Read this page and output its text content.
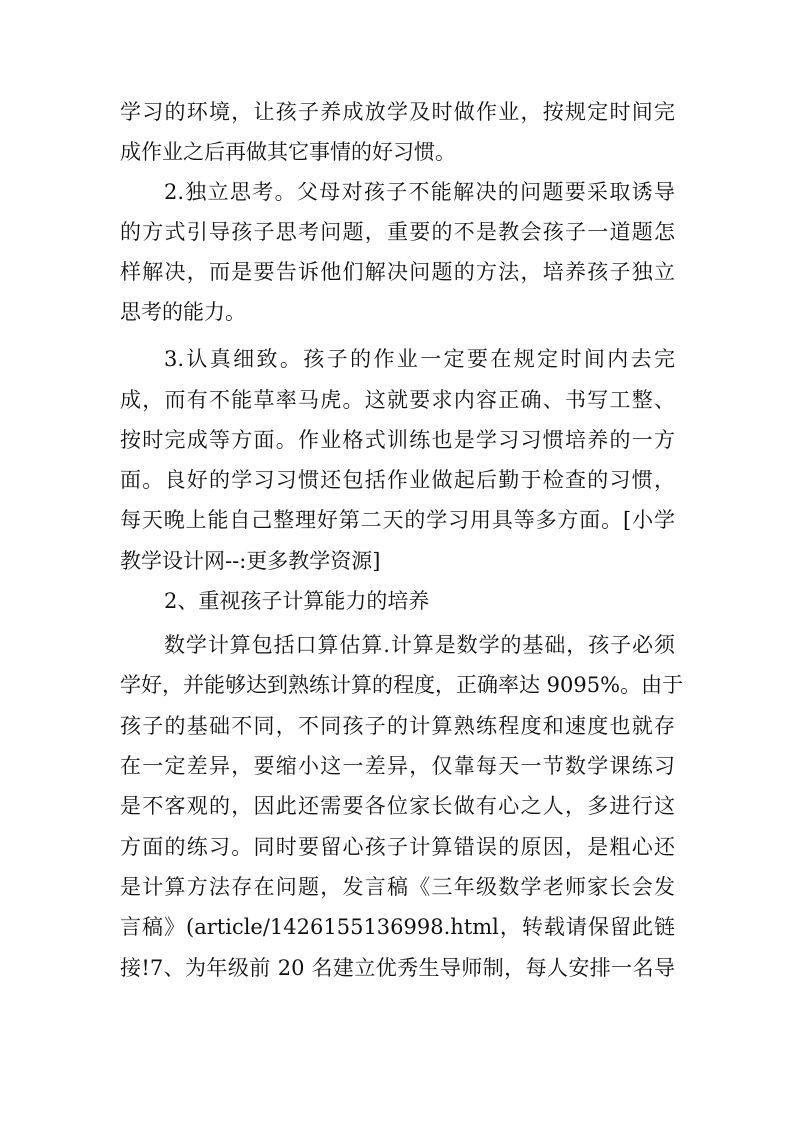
学习的环境，让孩子养成放学及时做作业，按规定时间完
成作业之后再做其它事情的好习惯。
2.独立思考。父母对孩子不能解决的问题要采取诱导
的方式引导孩子思考问题，重要的不是教会孩子一道题怎
样解决，而是要告诉他们解决问题的方法，培养孩子独立
思考的能力。
3.认真细致。孩子的作业一定要在规定时间内去完
成，而有不能草率马虎。这就要求内容正确、书写工整、
按时完成等方面。作业格式训练也是学习习惯培养的一方
面。良好的学习习惯还包括作业做起后勤于检查的习惯，
每天晚上能自己整理好第二天的学习用具等多方面。[小学
教学设计网--:更多教学资源]
2、重视孩子计算能力的培养
数学计算包括口算估算.计算是数学的基础，孩子必须
学好，并能够达到熟练计算的程度，正确率达 9095%。由于
孩子的基础不同，不同孩子的计算熟练程度和速度也就存
在一定差异，要缩小这一差异，仅靠每天一节数学课练习
是不客观的，因此还需要各位家长做有心之人，多进行这
方面的练习。同时要留心孩子计算错误的原因，是粗心还
是计算方法存在问题，发言稿《三年级数学老师家长会发
言稿》(article/1426155136998.html，转载请保留此链
接!7、为年级前 20 名建立优秀生导师制，每人安排一名导
